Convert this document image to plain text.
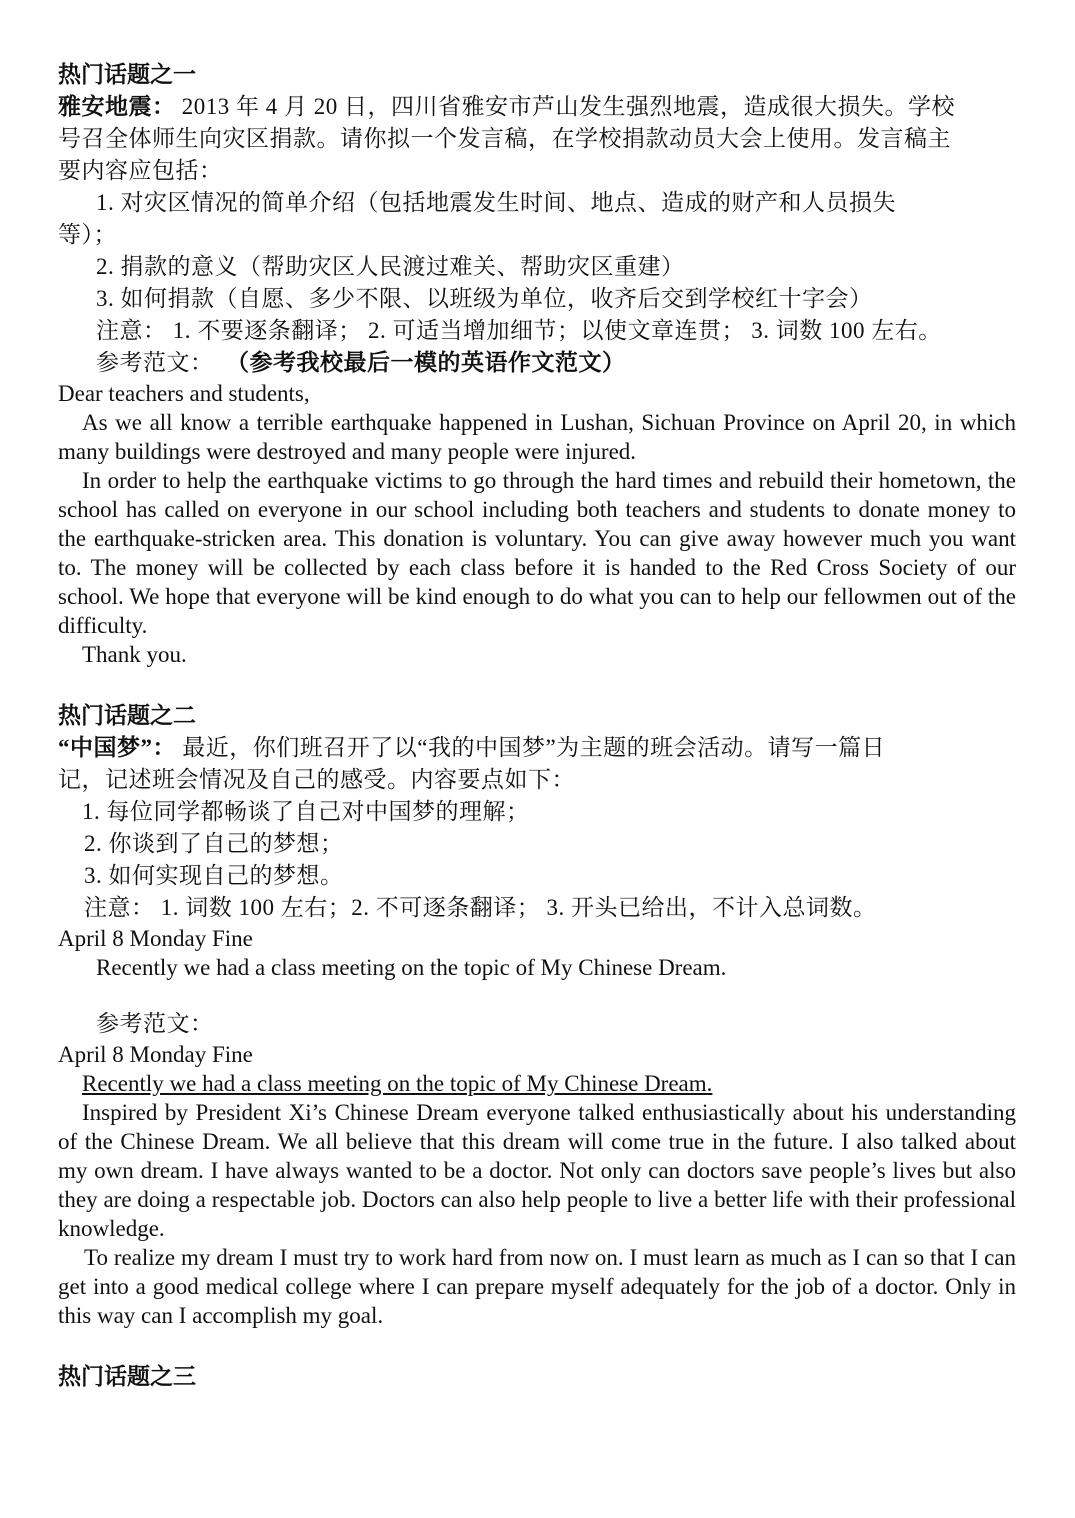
热门话题之一
雅安地震： 2013 年 4 月 20 日，四川省雅安市芦山发生强烈地震，造成很大损失。学校
号召全体师生向灾区捐款。请你拟一个发言稿，在学校捐款动员大会上使用。发言稿主
要内容应包括：
1. 对灾区情况的简单介绍（包括地震发生时间、地点、造成的财产和人员损失
等）；
2. 捐款的意义（帮助灾区人民渡过难关、帮助灾区重建）
3. 如何捐款（自愿、多少不限、以班级为单位，收齐后交到学校红十字会）
注意： 1. 不要逐条翻译； 2. 可适当增加细节；以使文章连贯； 3. 词数 100 左右。
参考范文： （参考我校最后一模的英语作文范文）
Dear teachers and students,
As we all know a terrible earthquake happened in Lushan, Sichuan Province on April 20, in which many buildings were destroyed and many people were injured.
In order to help the earthquake victims to go through the hard times and rebuild their hometown, the school has called on everyone in our school including both teachers and students to donate money to the earthquake-stricken area. This donation is voluntary. You can give away however much you want to. The money will be collected by each class before it is handed to the Red Cross Society of our school. We hope that everyone will be kind enough to do what you can to help our fellowmen out of the difficulty.
Thank you.
热门话题之二
“中国梦”： 最近，你们班召开了以“我的中国梦”为主题的班会活动。请写一篇日
记，记述班会情况及自己的感受。内容要点如下：
1. 每位同学都畅谈了自己对中国梦的理解；
2. 你谈到了自己的梦想；
3. 如何实现自己的梦想。
注意： 1. 词数 100 左右；2. 不可逐条翻译； 3. 开头已给出，不计入总词数。
April 8 Monday Fine
Recently we had a class meeting on the topic of My Chinese Dream.
参考范文：
April 8 Monday Fine
Recently we had a class meeting on the topic of My Chinese Dream.
Inspired by President Xi’s Chinese Dream everyone talked enthusiastically about his understanding of the Chinese Dream. We all believe that this dream will come true in the future. I also talked about my own dream. I have always wanted to be a doctor. Not only can doctors save people’s lives but also they are doing a respectable job. Doctors can also help people to live a better life with their professional knowledge.
To realize my dream I must try to work hard from now on. I must learn as much as I can so that I can get into a good medical college where I can prepare myself adequately for the job of a doctor. Only in this way can I accomplish my goal.
热门话题之三
